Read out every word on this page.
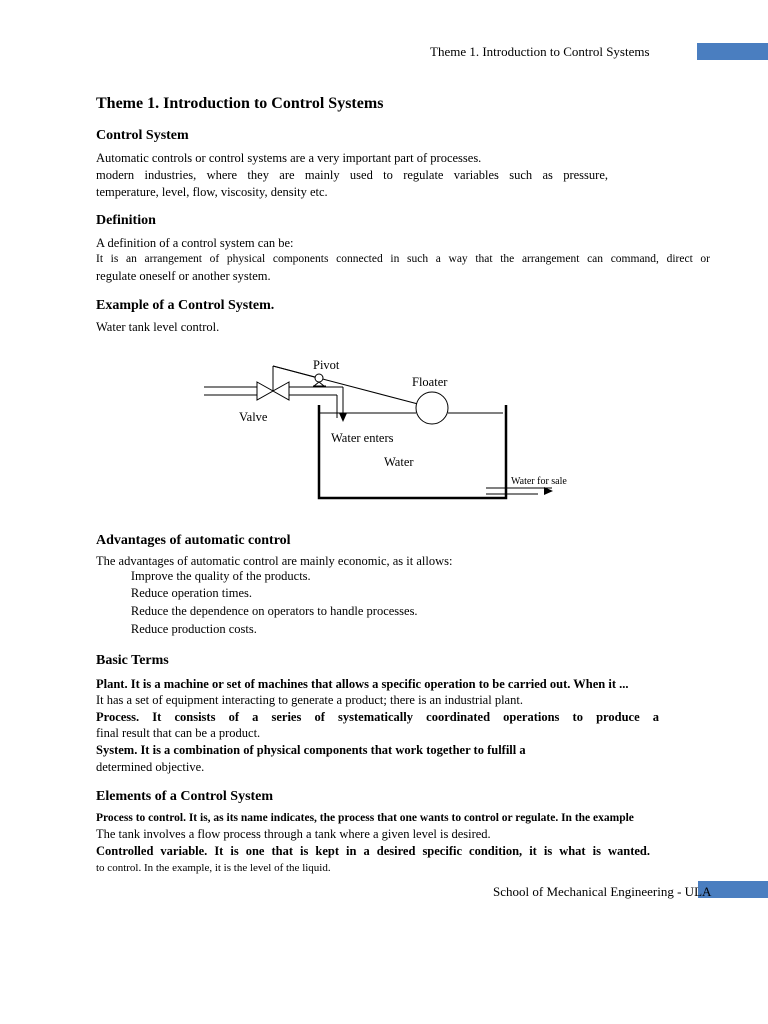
Theme 1. Introduction to Control Systems
Theme 1. Introduction to Control Systems
Control System
Automatic controls or control systems are a very important part of processes.
modern industries, where they are mainly used to regulate variables such as pressure,
temperature, level, flow, viscosity, density etc.
Definition
A definition of a control system can be:
It is an arrangement of physical components connected in such a way that the arrangement can command, direct or
regulate oneself or another system.
Example of a Control System.
Water tank level control.
Pivot
Floater
Valve
Water enters
Water
Water for sale
Advantages of automatic control
The advantages of automatic control are mainly economic, as it allows:
Improve the quality of the products.
Reduce operation times.
Reduce the dependence on operators to handle processes.
Reduce production costs.
Basic Terms
Plant. It is a machine or set of machines that allows a specific operation to be carried out. When it ...
It has a set of equipment interacting to generate a product; there is an industrial plant.
Process. It consists of a series of systematically coordinated operations to produce a
final result that can be a product.
System. It is a combination of physical components that work together to fulfill a
determined objective.
Elements of a Control System
Process to control. It is, as its name indicates, the process that one wants to control or regulate. In the example
The tank involves a flow process through a tank where a given level is desired.
Controlled variable. It is one that is kept in a desired specific condition, it is what is wanted.
to control. In the example, it is the level of the liquid.
School of Mechanical Engineering - ULA
